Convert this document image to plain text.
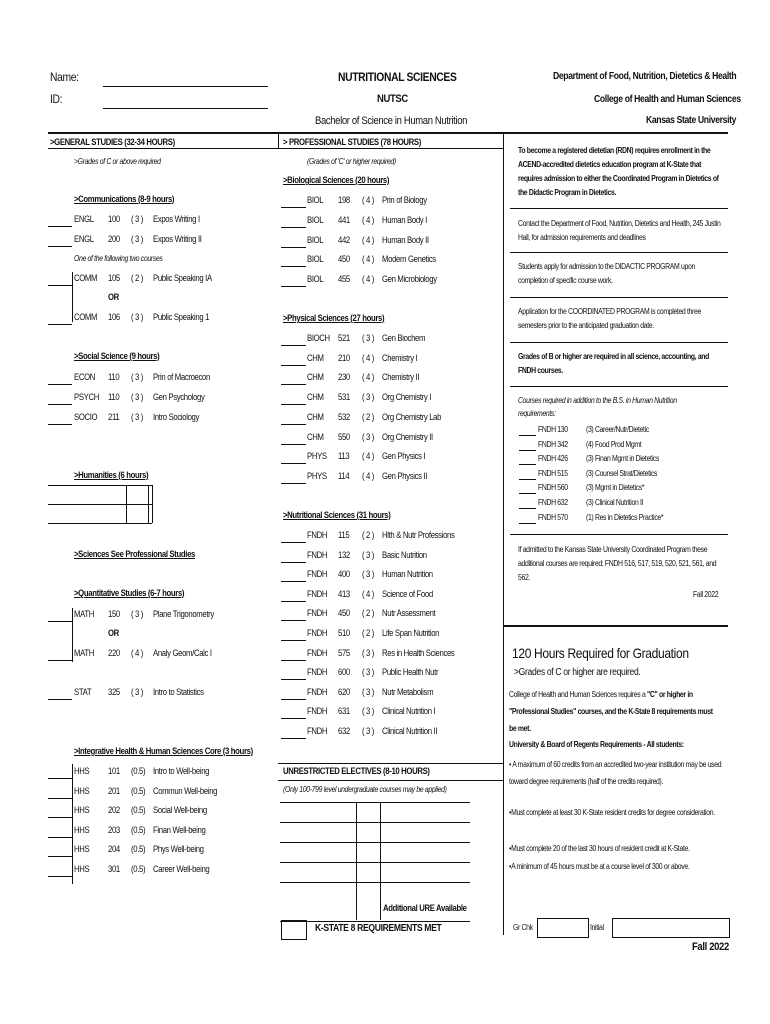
Name:
ID:
NUTRITIONAL SCIENCES
NUTSC
Bachelor of Science in Human Nutrition
Department of Food, Nutrition, Dietetics & Health
College of Health and Human Sciences
Kansas State University
>GENERAL STUDIES (32-34 HOURS)
>Grades of C or above required
>Communications (8-9 hours)
ENGL 100 ( 3 ) Expos Writing I
ENGL 200 ( 3 ) Expos Writing II
One of the following two courses
COMM 105 ( 2 ) Public Speaking IA
COMM 106 ( 3 ) Public Speaking 1
OR
>Social Science (9 hours)
ECON 110 ( 3 ) Prin of Macroecon
PSYCH 110 ( 3 ) Gen Psychology
SOCIO 211 ( 3 ) Intro Sociology
>Humanities (6 hours)
>Sciences See Professional Studies
>Quantitative Studies (6-7 hours)
MATH 150 ( 3 ) Plane Trigonometry
MATH 220 ( 4 ) Analy Geom/Calc I
STAT 325 ( 3 ) Intro to Statistics
OR
>Integrative Health & Human Sciences Core (3 hours)
HHS 101 (0.5) Intro to Well-being
HHS 201 (0.5) Commun Well-being
HHS 202 (0.5) Social Well-being
HHS 203 (0.5) Finan Well-being
HHS 204 (0.5) Phys Well-being
HHS 301 (0.5) Career Well-being
> PROFESSIONAL STUDIES (78 HOURS)
(Grades of 'C' or higher required)
>Biological Sciences (20 hours)
BIOL 198 ( 4 ) Prin of Biology
BIOL 441 ( 4 ) Human Body I
BIOL 442 ( 4 ) Human Body II
BIOL 450 ( 4 ) Modern Genetics
BIOL 455 ( 4 ) Gen Microbiology
>Physical Sciences (27 hours)
BIOCH 521 ( 3 ) Gen Biochem
CHM 210 ( 4 ) Chemistry I
CHM 230 ( 4 ) Chemistry II
CHM 531 ( 3 ) Org Chemistry I
CHM 532 ( 2 ) Org Chemistry Lab
CHM 550 ( 3 ) Org Chemistry II
PHYS 113 ( 4 ) Gen Physics I
PHYS 114 ( 4 ) Gen Physics II
>Nutritional Sciences (31 hours)
FNDH 115 ( 2 ) Hlth & Nutr Professions
FNDH 132 ( 3 ) Basic Nutrition
FNDH 400 ( 3 ) Human Nutrition
FNDH 413 ( 4 ) Science of Food
FNDH 450 ( 2 ) Nutr Assessment
FNDH 510 ( 2 ) Life Span Nutrition
FNDH 575 ( 3 ) Res in Health Sciences
FNDH 600 ( 3 ) Public Health Nutr
FNDH 620 ( 3 ) Nutr Metabolism
FNDH 631 ( 3 ) Clinical Nutrition I
FNDH 632 ( 3 ) Clinical Nutrition II
UNRESTRICTED ELECTIVES (8-10 HOURS)
(Only 100-799 level undergraduate courses may be applied)
Additional URE Available
K-STATE 8 REQUIREMENTS MET
To become a registered dietetian (RDN) requires enrollment in the ACEND-accredited dietetics education program at K-State that requires admission to either the Coordinated Program in Dietetics of the Didactic Program in Dietetics.
Contact the Department of Food, Nutrition, Dietetics and Health, 245 Justin Hall, for admission requirements and deadlines
Students apply for admission to the DIDACTIC PROGRAM upon completion of specific course work.
Application for the COORDINATED PROGRAM is completed three semesters prior to the anticipated graduation date.
Grades of B or higher are required in all science, accounting, and FNDH courses.
Courses required in addition to the B.S. in Human Nutrition requirements:
FNDH 130 (3) Career/Nutr/Dietetic
FNDH 342 (4) Food Prod Mgmt
FNDH 426 (3) Finan Mgmt in Dietetics
FNDH 515 (3) Counsel Strat/Dietetics
FNDH 560 (3) Mgmt in Dietetics*
FNDH 632 (3) Clinical Nutrition II
FNDH 570 (1) Res in Dietetics Practice*
If admitted to the Kansas State University Coordinated Program these additional courses are required: FNDH 516, 517, 519, 520, 521, 561, and 562.
Fall 2022
120 Hours Required for Graduation
>Grades of C or higher are required.
College of Health and Human Sciences requires a "C" or higher in "Professional Studies" courses, and the K-State 8 requirements must be met.
University & Board of Regents Requirements - All students:
• A maximum of 60 credits from an accredited two-year institution may be used toward degree requirements (half of the credits required).
•Must complete at least 30 K-State resident credits for degree consideration.
•Must complete 20 of the last 30 hours of resident credit at K-State.
•A minimum of 45 hours must be at a course level of 300 or above.
Gr Chk	Initial
Fall 2022
